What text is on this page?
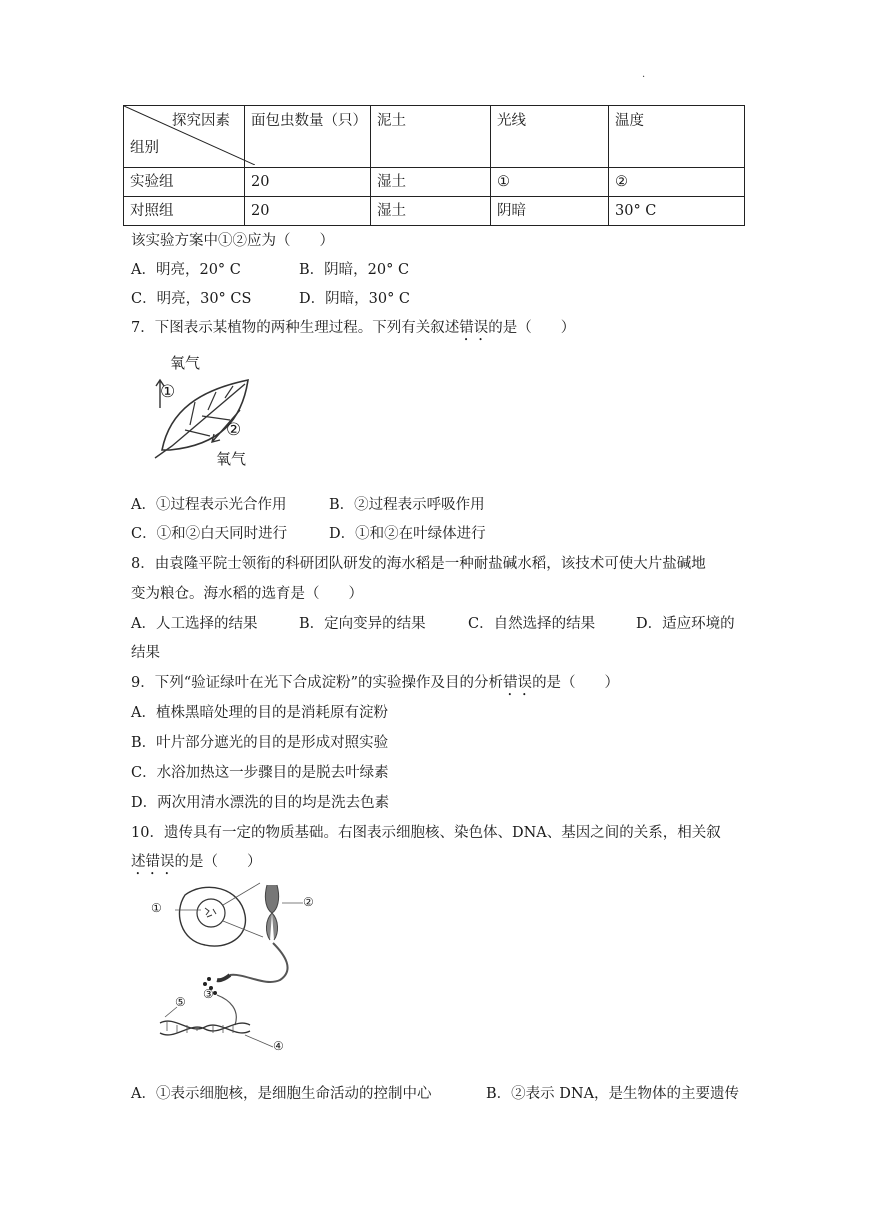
·
探究因素
组别	面包虫数量（只）	泥土	光线	温度
实验组	20	湿土	①	②
对照组	20	湿土	阴暗	30° C
该实验方案中①②应为（　　）
A．明亮，20° C	B．阴暗，20° C
C．明亮，30° CS	D．阴暗，30° C
7．下图表示某植物的两种生理过程。下列有关叙述错误的是（　　）
氧气
①
②
氧气
A．①过程表示光合作用	B．②过程表示呼吸作用
C．①和②白天同时进行	D．①和②在叶绿体进行
8．由袁隆平院士领衔的科研团队研发的海水稻是一种耐盐碱水稻，该技术可使大片盐碱地
变为粮仓。海水稻的选育是（　　）
A．人工选择的结果	B．定向变异的结果	C．自然选择的结果	D．适应环境的
结果
9．下列“验证绿叶在光下合成淀粉”的实验操作及目的分析错误的是（　　）
A．植株黑暗处理的目的是消耗原有淀粉
B．叶片部分遮光的目的是形成对照实验
C．水浴加热这一步骤目的是脱去叶绿素
D．两次用清水漂洗的目的均是洗去色素
10．遗传具有一定的物质基础。右图表示细胞核、染色体、DNA、基因之间的关系，相关叙
述错误的是（　　）
①	②
③
④
⑤
A．①表示细胞核，是细胞生命活动的控制中心	B．②表示 DNA，是生物体的主要遗传
